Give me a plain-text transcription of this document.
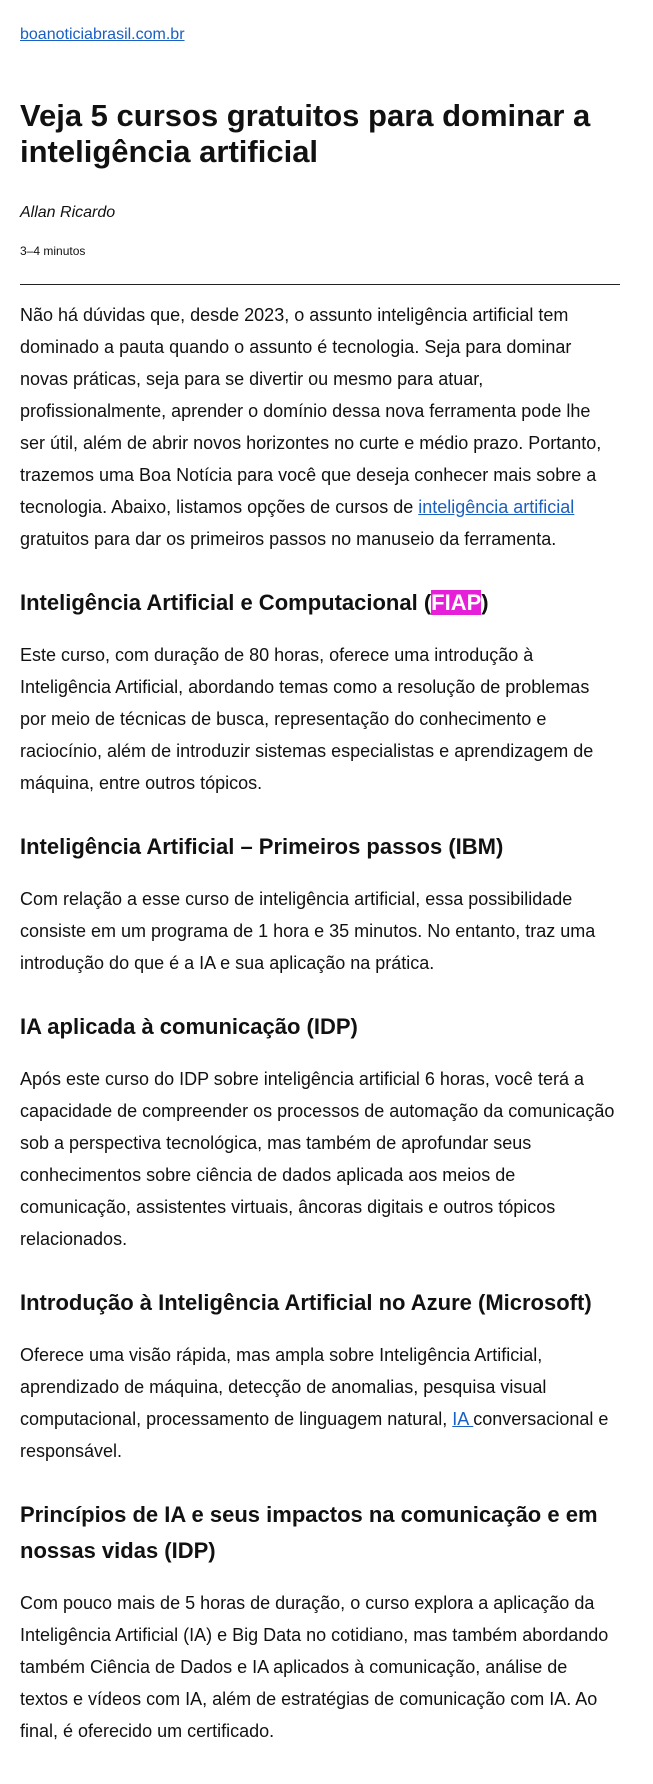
boanoticiabrasil.com.br
Veja 5 cursos gratuitos para dominar a inteligência artificial
Allan Ricardo
3–4 minutos

Não há dúvidas que, desde 2023, o assunto inteligência artificial tem dominado a pauta quando o assunto é tecnologia. Seja para dominar novas práticas, seja para se divertir ou mesmo para atuar, profissionalmente, aprender o domínio dessa nova ferramenta pode lhe ser útil, além de abrir novos horizontes no curte e médio prazo. Portanto, trazemos uma Boa Notícia para você que deseja conhecer mais sobre a tecnologia. Abaixo, listamos opções de cursos de inteligência artificial gratuitos para dar os primeiros passos no manuseio da ferramenta.

Inteligência Artificial e Computacional (FIAP)

Este curso, com duração de 80 horas, oferece uma introdução à Inteligência Artificial, abordando temas como a resolução de problemas por meio de técnicas de busca, representação do conhecimento e raciocínio, além de introduzir sistemas especialistas e aprendizagem de máquina, entre outros tópicos.

Inteligência Artificial – Primeiros passos (IBM)

Com relação a esse curso de inteligência artificial, essa possibilidade consiste em um programa de 1 hora e 35 minutos. No entanto, traz uma introdução do que é a IA e sua aplicação na prática.

IA aplicada à comunicação (IDP)

Após este curso do IDP sobre inteligência artificial 6 horas, você terá a capacidade de compreender os processos de automação da comunicação sob a perspectiva tecnológica, mas também de aprofundar seus conhecimentos sobre ciência de dados aplicada aos meios de comunicação, assistentes virtuais, âncoras digitais e outros tópicos relacionados.

Introdução à Inteligência Artificial no Azure (Microsoft)

Oferece uma visão rápida, mas ampla sobre Inteligência Artificial, aprendizado de máquina, detecção de anomalias, pesquisa visual computacional, processamento de linguagem natural, IA conversacional e responsável.

Princípios de IA e seus impactos na comunicação e em nossas vidas (IDP)

Com pouco mais de 5 horas de duração, o curso explora a aplicação da Inteligência Artificial (IA) e Big Data no cotidiano, mas também abordando também Ciência de Dados e IA aplicados à comunicação, análise de textos e vídeos com IA, além de estratégias de comunicação com IA. Ao final, é oferecido um certificado.
